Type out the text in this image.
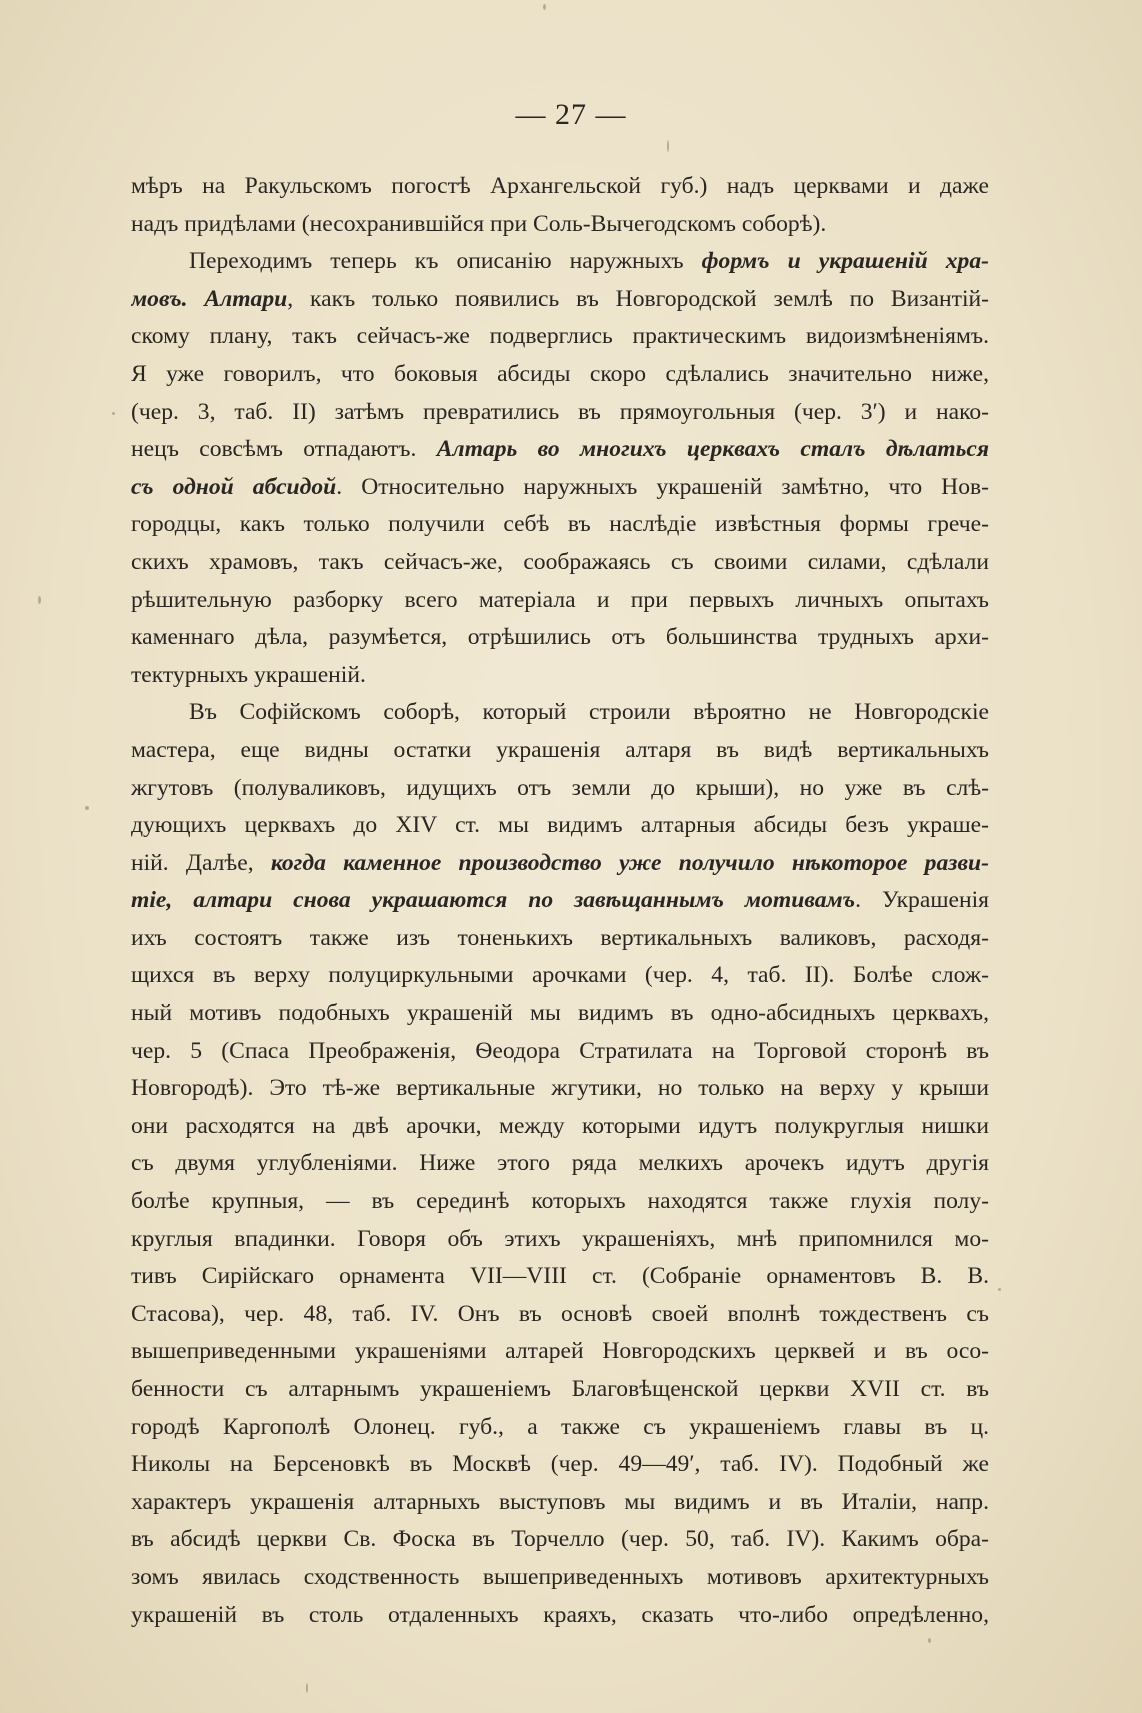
— 27 —
мѣръ на Ракульскомъ погостѣ Архангельской губ.) надъ церквами и даже
надъ придѣлами (несохранившійся при Соль-Вычегодскомъ соборѣ).
Переходимъ теперь къ описанію наружныхъ формъ и украшеній хра-
мовъ. Алтари, какъ только появились въ Новгородской землѣ по Византій-
скому плану, такъ сейчасъ-же подверглись практическимъ видоизмѣненіямъ.
Я уже говорилъ, что боковыя абсиды скоро сдѣлались значительно ниже,
(чер. 3, таб. II) затѣмъ превратились въ прямоугольныя (чер. 3′) и нако-
нецъ совсѣмъ отпадаютъ. Алтарь во многихъ церквахъ сталъ дѣлаться
съ одной абсидой. Относительно наружныхъ украшеній замѣтно, что Нов-
городцы, какъ только получили себѣ въ наслѣдіе извѣстныя формы грече-
скихъ храмовъ, такъ сейчасъ-же, соображаясь съ своими силами, сдѣлали
рѣшительную разборку всего матеріала и при первыхъ личныхъ опытахъ
каменнаго дѣла, разумѣется, отрѣшились отъ большинства трудныхъ архи-
тектурныхъ украшеній.
Въ Софійскомъ соборѣ, который строили вѣроятно не Новгородскіе
мастера, еще видны остатки украшенія алтаря въ видѣ вертикальныхъ
жгутовъ (полуваликовъ, идущихъ отъ земли до крыши), но уже въ слѣ-
дующихъ церквахъ до XIV ст. мы видимъ алтарныя абсиды безъ украше-
ній. Далѣе, когда каменное производство уже получило нѣкоторое разви-
тіе, алтари снова украшаются по завѣщаннымъ мотивамъ. Украшенія
ихъ состоятъ также изъ тоненькихъ вертикальныхъ валиковъ, расходя-
щихся въ верху полуциркульными арочками (чер. 4, таб. II). Болѣе слож-
ный мотивъ подобныхъ украшеній мы видимъ въ одно-абсидныхъ церквахъ,
чер. 5 (Спаса Преображенія, Ѳеодора Стратилата на Торговой сторонѣ въ
Новгородѣ). Это тѣ-же вертикальные жгутики, но только на верху у крыши
они расходятся на двѣ арочки, между которыми идутъ полукруглыя нишки
съ двумя углубленіями. Ниже этого ряда мелкихъ арочекъ идутъ другія
болѣе крупныя, — въ серединѣ которыхъ находятся также глухія полу-
круглыя впадинки. Говоря объ этихъ украшеніяхъ, мнѣ припомнился мо-
тивъ Сирійскаго орнамента VII—VIII ст. (Собраніе орнаментовъ В. В.
Стасова), чер. 48, таб. IV. Онъ въ основѣ своей вполнѣ тождественъ съ
вышеприведенными украшеніями алтарей Новгородскихъ церквей и въ осо-
бенности съ алтарнымъ украшеніемъ Благовѣщенской церкви XVII ст. въ
городѣ Каргополѣ Олонец. губ., а также съ украшеніемъ главы въ ц.
Николы на Берсеновкѣ въ Москвѣ (чер. 49—49′, таб. IV). Подобный же
характеръ украшенія алтарныхъ выступовъ мы видимъ и въ Италіи, напр.
въ абсидѣ церкви Св. Фоска въ Торчелло (чер. 50, таб. IV). Какимъ обра-
зомъ явилась сходственность вышеприведенныхъ мотивовъ архитектурныхъ
украшеній въ столь отдаленныхъ краяхъ, сказать что-либо опредѣленно,
